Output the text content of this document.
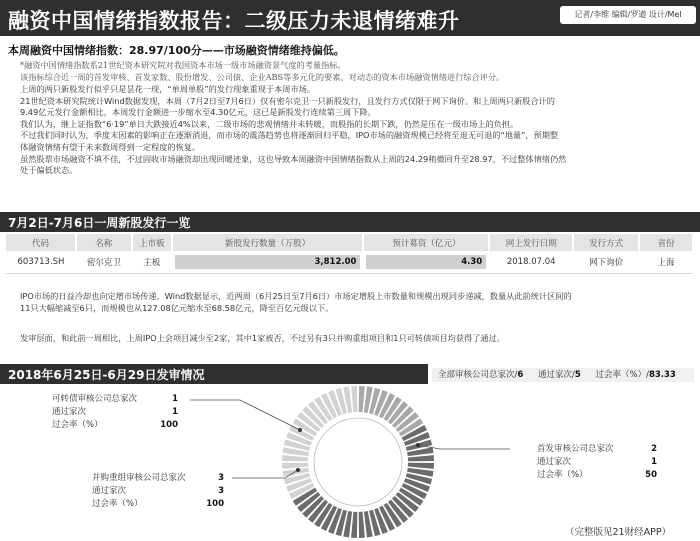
融资中国情绪指数报告：二级压力未退情绪难升	记者/李维 编辑/罗遒 设计/Mel
本周融资中国情绪指数：28.97/100分——市场融资情绪维持偏低。

*融资中国情绪指数系21世纪资本研究院对我国资本市场一级市场融资景气度的考量指标。

该指标综合近一周的首发审核、首发家数、股份增发、公司债、企业ABS等多元化的要素，对动态的资本市场融资情绪进行综合评分。

上周的两只新股发行似乎只是昙花一现，“单周单股”的发行现象重现于本周市场。

21世纪资本研究院统计Wind数据发现，本周（7月2日至7月6日）仅有密尔克卫一只新股发行，且发行方式仅限于网下询价。和上周两只新股合计的

9.49亿元发行金额相比，本周发行金额进一步缩水至4.30亿元，这已是新股发行连续第三周下降。

我们认为，继上证指数“6·19”单日大跌接近4%以来，二级市场的悲观情绪并未转暖，而股指的长期下跌，仍然是压在一级市场上的负担。

不过我们同时认为，季度末因素的影响正在逐渐消退，而市场的震荡趋势也将逐渐回归平稳，IPO市场的融资规模已经将至退无可退的“地量”，预期整

体融资情绪有望于未来数周得到一定程度的恢复。

虽然股票市场融资不填不佳，不过固收市场融资却出现回暖迹象，这也导致本周融资中国情绪指数从上周的24.29稍微回升至28.97，不过整体情绪仍然

处于偏低状态。

7月2日-7月6日一周新股发行一览
代码	名称	上市板	新股发行数量（万股）	预计募资（亿元）	网上发行日期	发行方式	省份
603713.SH	密尔克卫	主板	3,812.00	4.30	2018.07.04	网下询价	上海

IPO市场的日益冷却也向定增市场传递，Wind数据显示，近两周（6月25日至7月6日）市场定增股上市数量和规模出现同步递减，数量从此前统计区间的

11只大幅缩减至6只，而规模也从127.08亿元缩水至68.58亿元，降至百亿元级以下。

发审层面，和此前一周相比，上周IPO上会项目减少至2家，其中1家被否，不过另有3只并购重组项目和1只可转债项目均获得了通过。

2018年6月25日-6月29日发审情况	全部审核公司总家次/6 通过家次/5 过会率（%）/83.33
可转债审核公司总家次	1
通过家次	1
过会率（%）	100
并购重组审核公司总家次	3
通过家次	3
过会率（%）	100
首发审核公司总家次	2
通过家次	1
过会率（%）	50
（完整版见21财经APP）
